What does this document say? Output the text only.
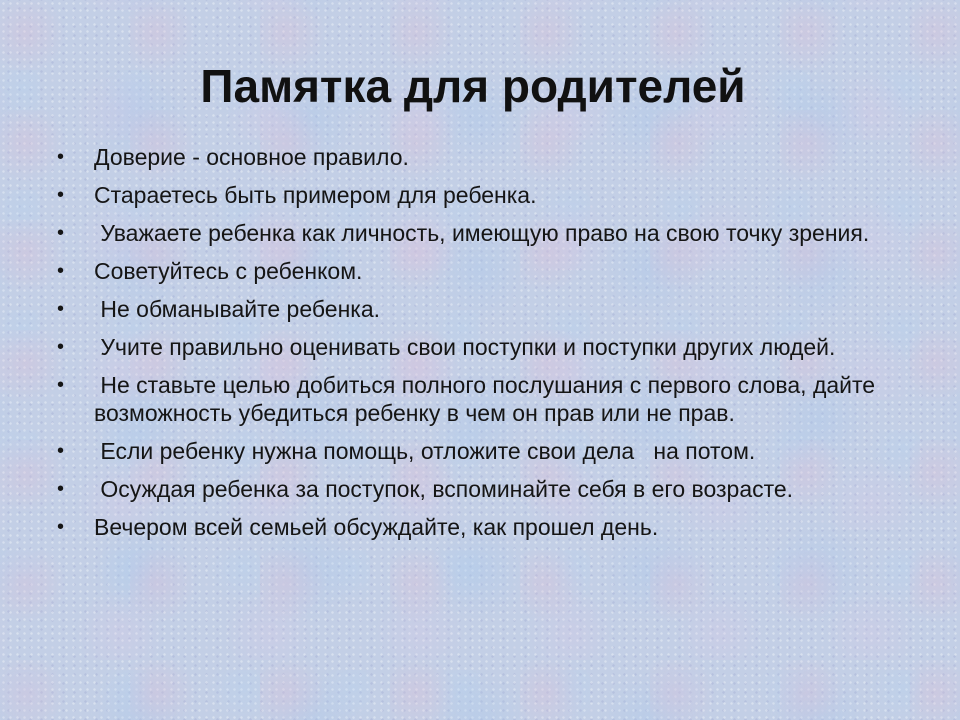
Памятка для родителей
• Доверие - основное правило.
• Стараетесь быть примером для ребенка.
• Уважаете ребенка как личность, имеющую право на свою точку зрения.
• Советуйтесь с ребенком.
• Не обманывайте ребенка.
• Учите правильно оценивать свои поступки и поступки других людей.
• Не ставьте целью добиться полного послушания с первого слова, дайте возможность убедиться ребенку в чем он прав или не прав.
• Если ребенку нужна помощь, отложите свои дела   на потом.
• Осуждая ребенка за поступок, вспоминайте себя в его возрасте.
• Вечером всей семьей обсуждайте, как прошел день.
